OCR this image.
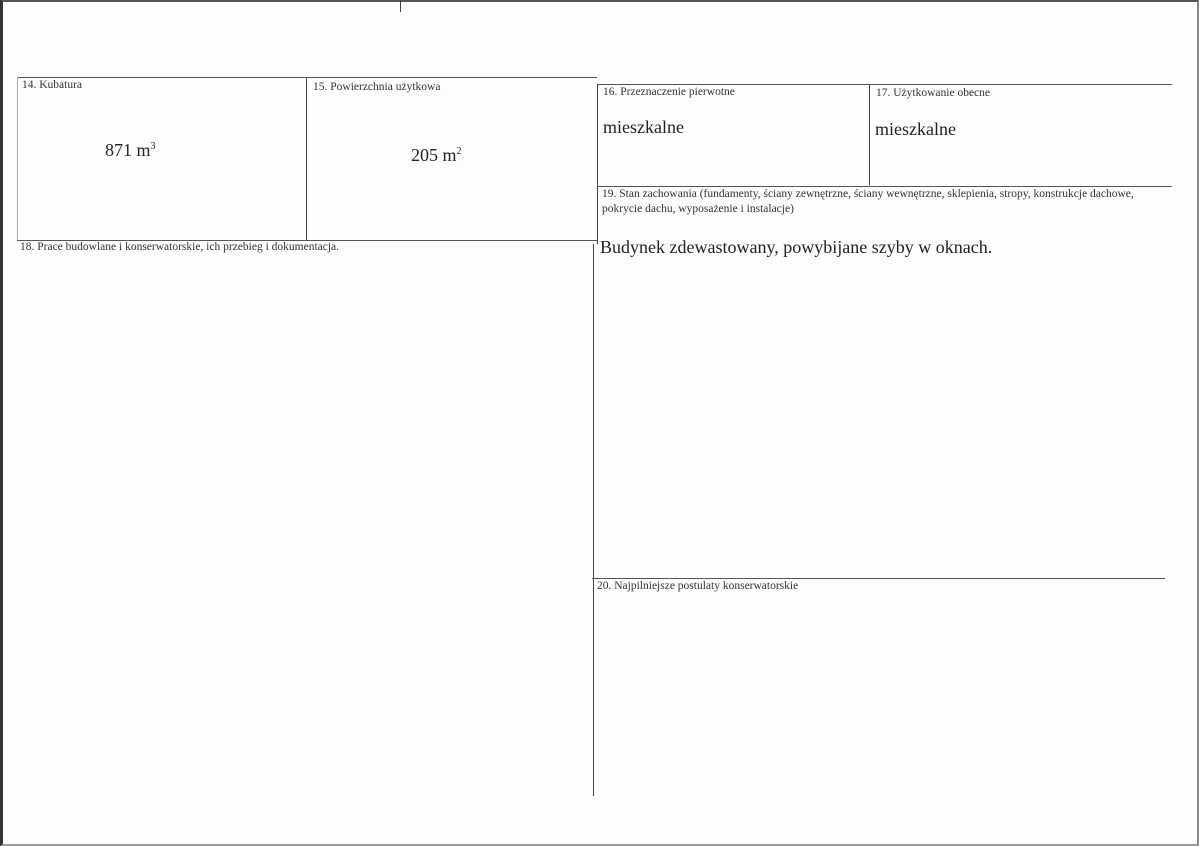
14. Kubatura
871 $m^3$
15. Powierzchnia użytkowa
205 $m^2$
16. Przeznaczenie pierwotne
mieszkalne
17. Użytkowanie obecne
mieszkalne
18. Prace budowlane i konserwatorskie, ich przebieg i dokumentacja.
19. Stan zachowania (fundamenty, ściany zewnętrzne, ściany wewnętrzne, sklepienia, stropy, konstrukcje dachowe, pokrycie dachu, wyposażenie i instalacje)
Budynek zdewastowany, powybijane szyby w oknach.
20. Najpilniejsze postulaty konserwatorskie
